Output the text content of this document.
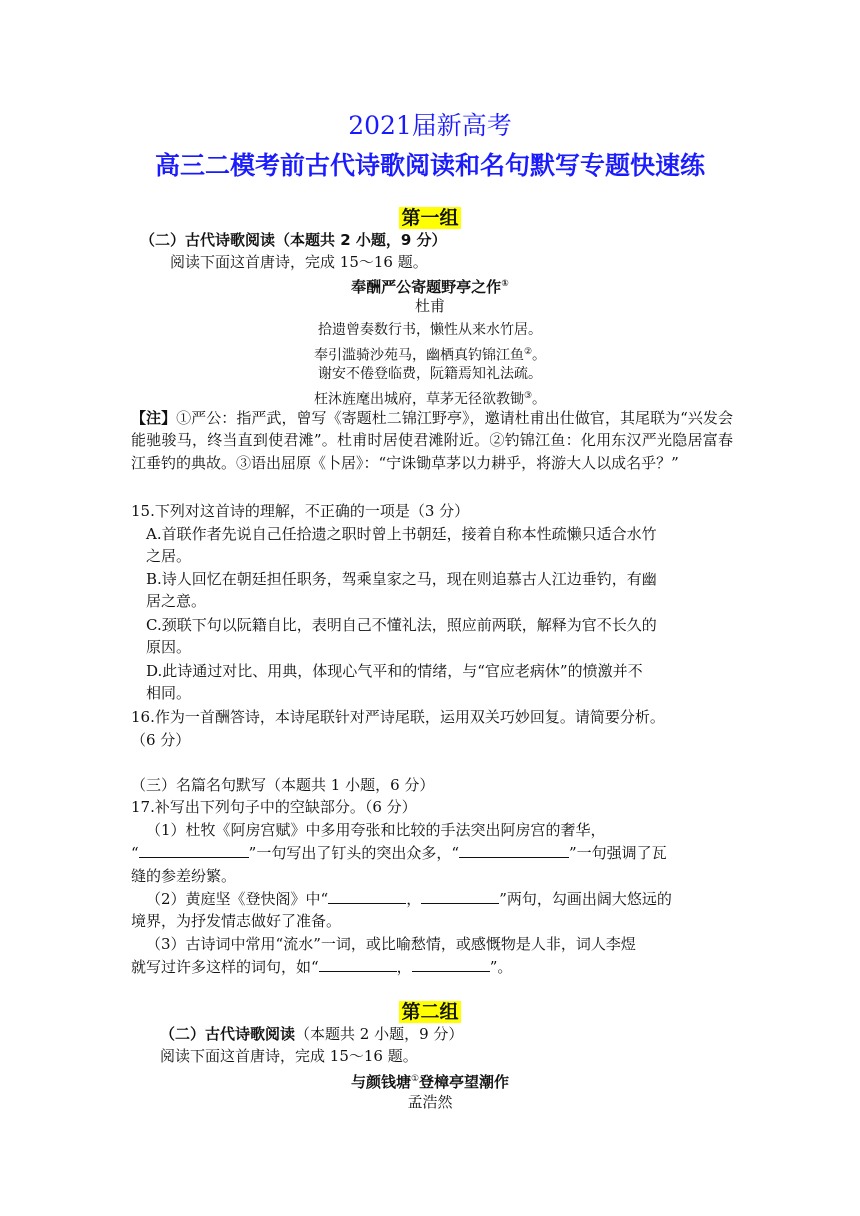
2021届新高考
高三二模考前古代诗歌阅读和名句默写专题快速练
第一组
（二）古代诗歌阅读（本题共 2 小题，9 分）
阅读下面这首唐诗，完成 15～16 题。
奉酬严公寄题野亭之作①
杜甫
拾遗曾奏数行书，懒性从来水竹居。
奉引滥骑沙苑马，幽栖真钓锦江鱼②。
谢安不倦登临费，阮籍焉知礼法疏。
枉沐旌麾出城府，草茅无径欲教锄③。
【注】①严公：指严武，曾写《寄题杜二锦江野亭》，邀请杜甫出仕做官，其尾联为“兴发会能驰骏马，终当直到使君滩”。杜甫时居使君滩附近。②钓锦江鱼：化用东汉严光隐居富春江垂钓的典故。③语出屈原《卜居》：“宁诛锄草茅以力耕乎，将游大人以成名乎？”
15.下列对这首诗的理解，不正确的一项是（3 分）
A.首联作者先说自己任拾遗之职时曾上书朝廷，接着自称本性疏懒只适合水竹
之居。
B.诗人回忆在朝廷担任职务，驾乘皇家之马，现在则追慕古人江边垂钓，有幽
居之意。
C.颈联下句以阮籍自比，表明自己不懂礼法，照应前两联，解释为官不长久的
原因。
D.此诗通过对比、用典，体现心气平和的情绪，与“官应老病休”的愤激并不
相同。
16.作为一首酬答诗，本诗尾联针对严诗尾联，运用双关巧妙回复。请简要分析。
（6 分）
（三）名篇名句默写（本题共 1 小题，6 分）
17.补写出下列句子中的空缺部分。（6 分）
（1）杜牧《阿房宫赋》中多用夸张和比较的手法突出阿房宫的奢华，
“	”一句写出了钉头的突出众多，“	”一句强调了瓦
缝的参差纷繁。
（2）黄庭坚《登快阁》中“	，	”两句，勾画出阔大悠远的
境界，为抒发情志做好了准备。
（3）古诗词中常用“流水”一词，或比喻愁情，或感慨物是人非，词人李煜
就写过许多这样的词句，如“	，	”。
第二组
（二）古代诗歌阅读（本题共 2 小题，9 分）
阅读下面这首唐诗，完成 15～16 题。
与颜钱塘①登樟亭望潮作
孟浩然
